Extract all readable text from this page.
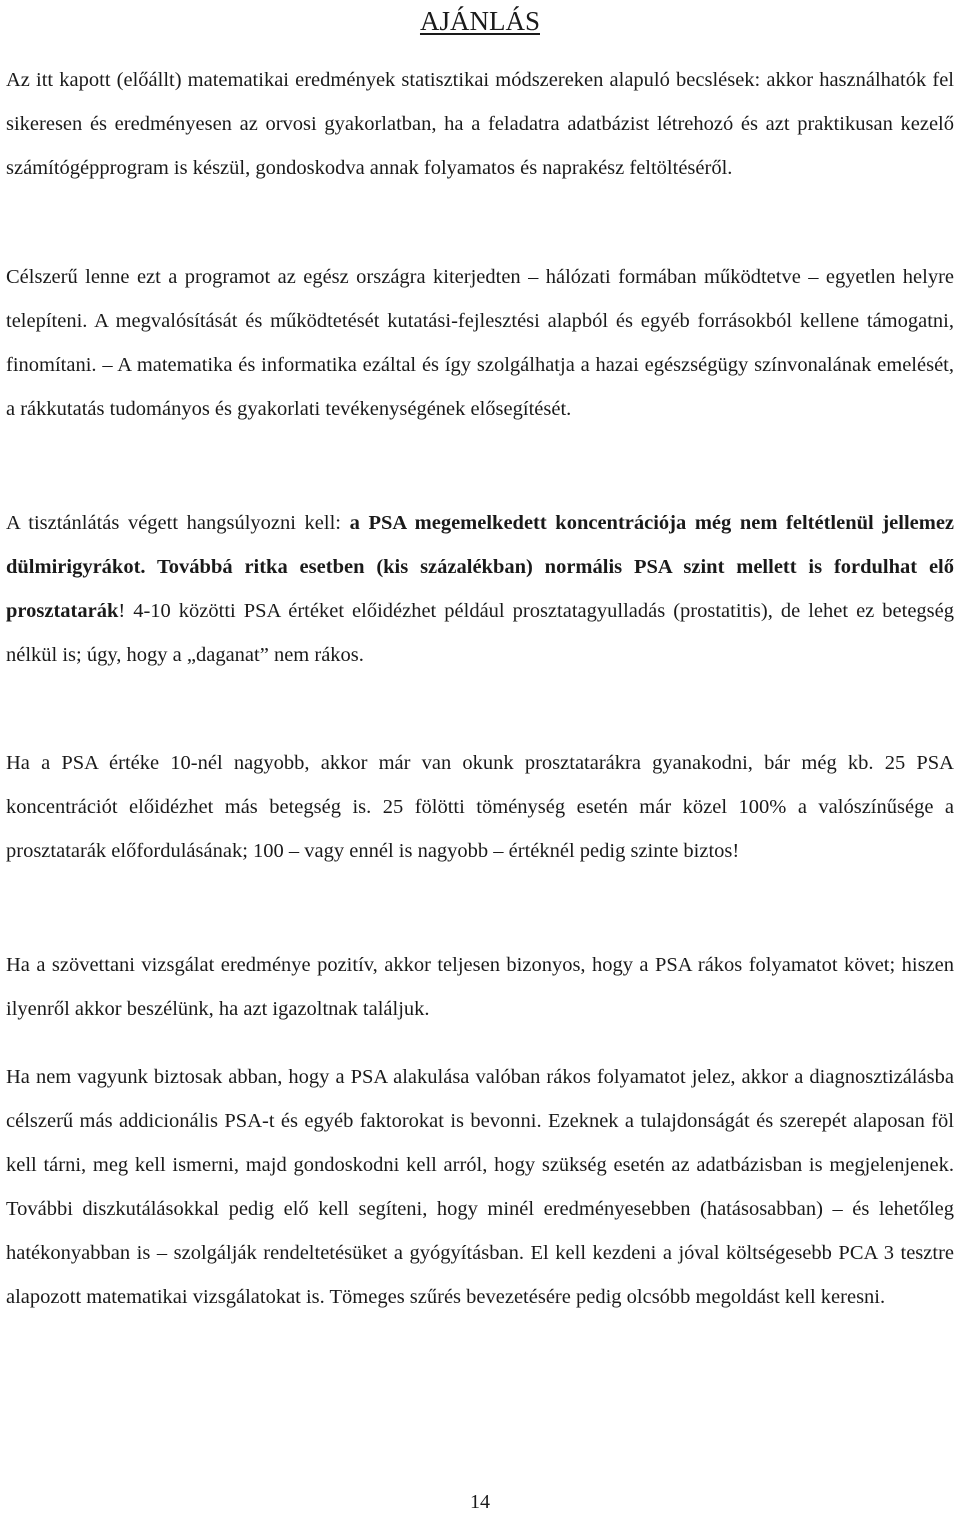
AJÁNLÁS

Az itt kapott (előállt) matematikai eredmények statisztikai módszereken alapuló becslések: akkor használhatók fel sikeresen és eredményesen az orvosi gyakorlatban, ha a feladatra adatbázist létrehozó és azt praktikusan kezelő számítógépprogram is készül, gondoskodva annak folyamatos és naprakész feltöltéséről.

Célszerű lenne ezt a programot az egész országra kiterjedten – hálózati formában működtetve – egyetlen helyre telepíteni. A megvalósítását és működtetését kutatási-fejlesztési alapból és egyéb forrásokból kellene támogatni, finomítani. – A matematika és informatika ezáltal és így szolgálhatja a hazai egészségügy színvonalának emelését, a rákkutatás tudományos és gyakorlati tevékenységének elősegítését.

A tisztánlátás végett hangsúlyozni kell: a PSA megemelkedett koncentrációja még nem feltétlenül jellemez dülmirigyrákot. Továbbá ritka esetben (kis százalékban) normális PSA szint mellett is fordulhat elő prosztatarák! 4-10 közötti PSA értéket előidézhet például prosztatagyulladás (prostatitis), de lehet ez betegség nélkül is; úgy, hogy a „daganat” nem rákos.

Ha a PSA értéke 10-nél nagyobb, akkor már van okunk prosztatarákra gyanakodni, bár még kb. 25 PSA koncentrációt előidézhet más betegség is. 25 fölötti töménység esetén már közel 100% a valószínűsége a prosztatarák előfordulásának; 100 – vagy ennél is nagyobb – értéknél pedig szinte biztos!

Ha a szövettani vizsgálat eredménye pozitív, akkor teljesen bizonyos, hogy a PSA rákos folyamatot követ; hiszen ilyenről akkor beszélünk, ha azt igazoltnak találjuk.

Ha nem vagyunk biztosak abban, hogy a PSA alakulása valóban rákos folyamatot jelez, akkor a diagnosztizálásba célszerű más addicionális PSA-t és egyéb faktorokat is bevonni. Ezeknek a tulajdonságát és szerepét alaposan föl kell tárni, meg kell ismerni, majd gondoskodni kell arról, hogy szükség esetén az adatbázisban is megjelenjenek. További diszkutálásokkal pedig elő kell segíteni, hogy minél eredményesebben (hatásosabban) – és lehetőleg hatékonyabban is – szolgálják rendeltetésüket a gyógyításban. El kell kezdeni a jóval költségesebb PCA 3 tesztre alapozott matematikai vizsgálatokat is. Tömeges szűrés bevezetésére pedig olcsóbb megoldást kell keresni.

14
